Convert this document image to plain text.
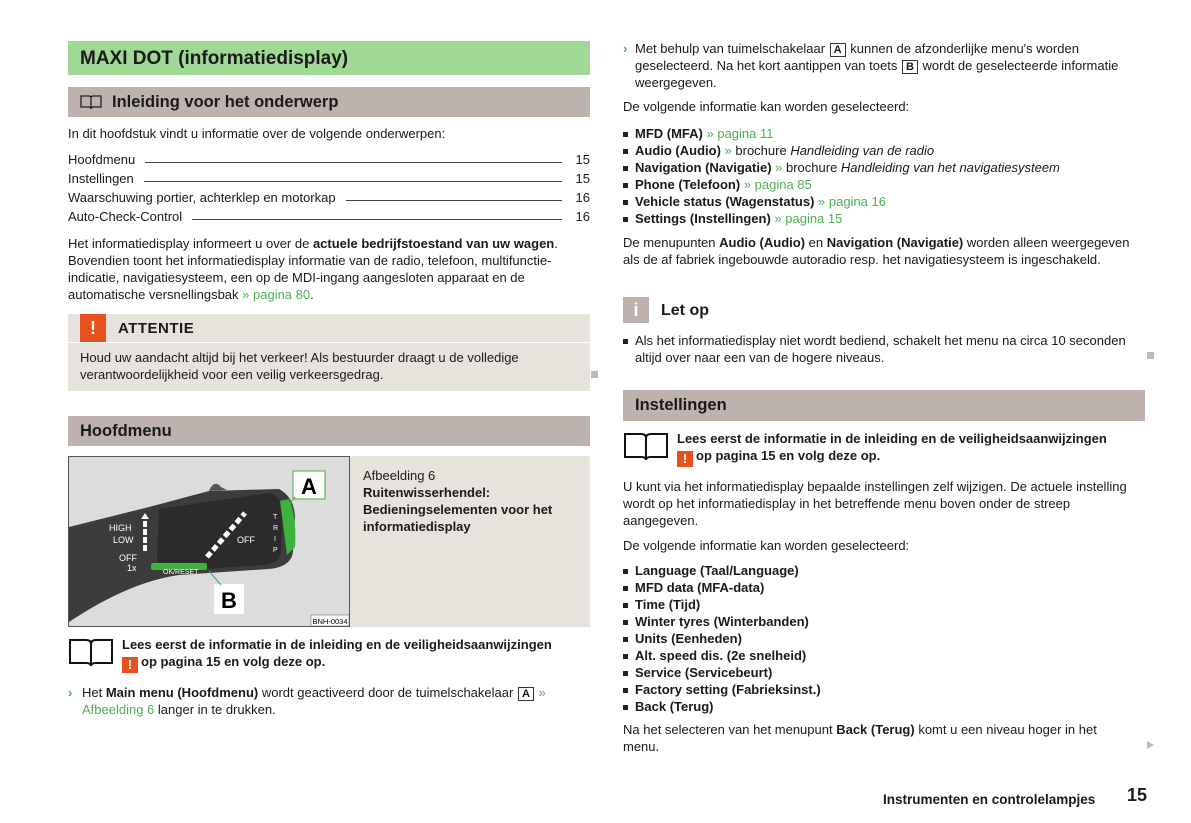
MAXI DOT (informatiedisplay)
Inleiding voor het onderwerp
In dit hoofdstuk vindt u informatie over de volgende onderwerpen:
Hoofdmenu	15
Instellingen	15
Waarschuwing portier, achterklep en motorkap	16
Auto-Check-Control	16
Het informatiedisplay informeert u over de actuele bedrijfstoestand van uw wagen. Bovendien toont het informatiedisplay informatie van de radio, telefoon, multifunctie-indicatie, navigatiesysteem, een op de MDI-ingang aangesloten apparaat en de automatische versnellingsbak » pagina 80.
!	ATTENTIE
Houd uw aandacht altijd bij het verkeer! Als bestuurder draagt u de volledige verantwoordelijkheid voor een veilig verkeersgedrag.
Hoofdmenu
HIGH
LOW
OFF
1x	OK/RESET
OFF
T
R
I
P
A
B
BNH-0034
Afbeelding 6
Ruitenwisserhendel: Bedieningselementen voor het informatiedisplay
Lees eerst de informatie in de inleiding en de veiligheidsaanwijzingen
! op pagina 15 en volg deze op.
› Het Main menu (Hoofdmenu) wordt geactiveerd door de tuimelschakelaar A » Afbeelding 6 langer in te drukken.
› Met behulp van tuimelschakelaar A kunnen de afzonderlijke menu's worden geselecteerd. Na het kort aantippen van toets B wordt de geselecteerde informatie weergegeven.
De volgende informatie kan worden geselecteerd:
MFD (MFA) » pagina 11
Audio (Audio) » brochure Handleiding van de radio
Navigation (Navigatie) » brochure Handleiding van het navigatiesysteem
Phone (Telefoon) » pagina 85
Vehicle status (Wagenstatus) » pagina 16
Settings (Instellingen) » pagina 15
De menupunten Audio (Audio) en Navigation (Navigatie) worden alleen weergegeven als de af fabriek ingebouwde autoradio resp. het navigatiesysteem is ingeschakeld.
i	Let op
Als het informatiedisplay niet wordt bediend, schakelt het menu na circa 10 seconden altijd over naar een van de hogere niveaus.
Instellingen
Lees eerst de informatie in de inleiding en de veiligheidsaanwijzingen
! op pagina 15 en volg deze op.
U kunt via het informatiedisplay bepaalde instellingen zelf wijzigen. De actuele instelling wordt op het informatiedisplay in het betreffende menu boven onder de streep aangegeven.
De volgende informatie kan worden geselecteerd:
Language (Taal/Language)
MFD data (MFA-data)
Time (Tijd)
Winter tyres (Winterbanden)
Units (Eenheden)
Alt. speed dis. (2e snelheid)
Service (Servicebeurt)
Factory setting (Fabrieksinst.)
Back (Terug)
Na het selecteren van het menupunt Back (Terug) komt u een niveau hoger in het menu.
Instrumenten en controlelampjes 15
